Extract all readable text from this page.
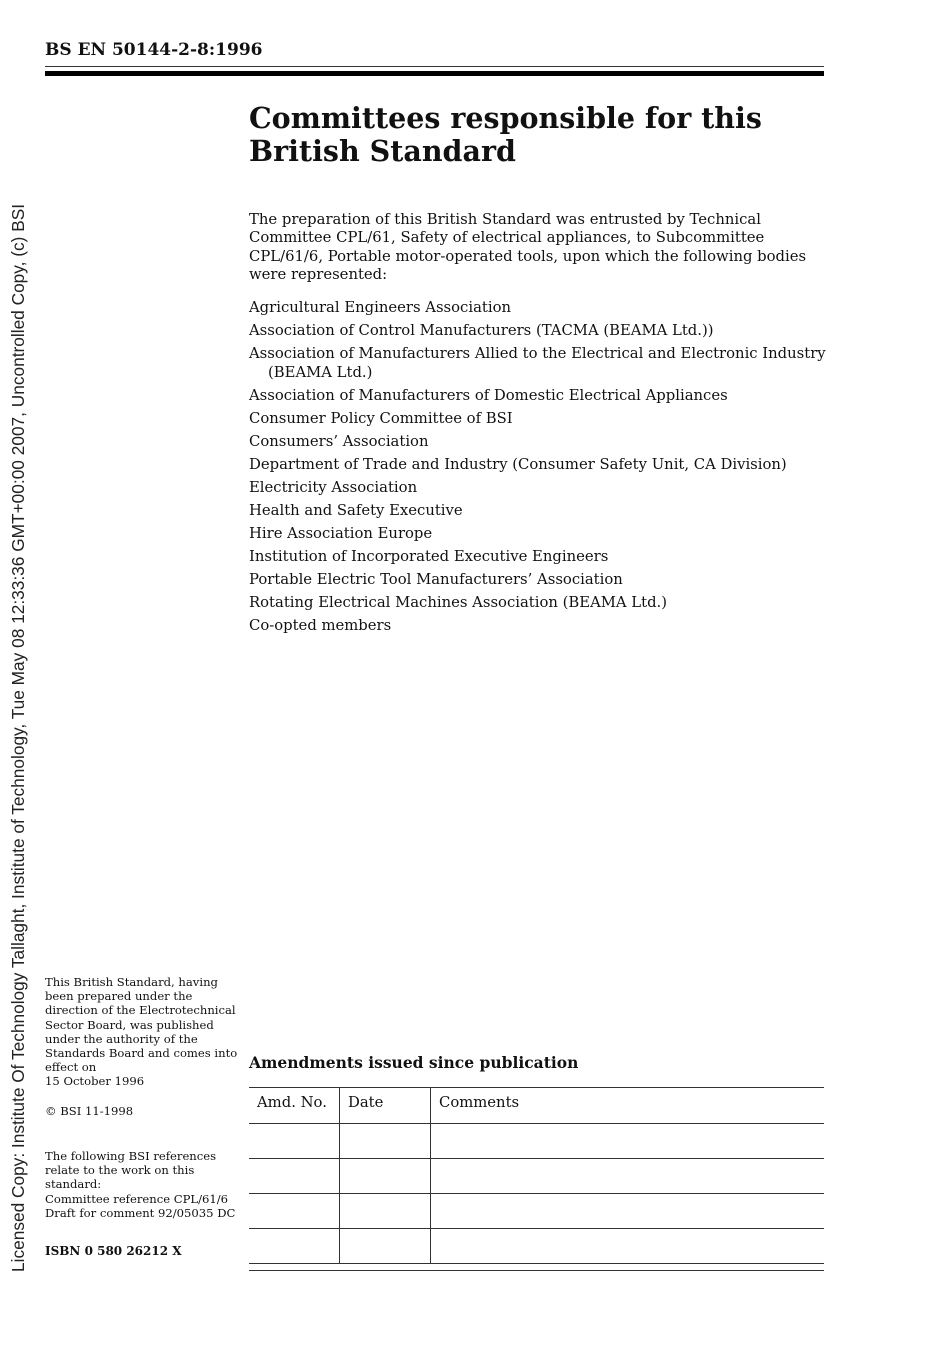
Licensed Copy: Institute Of Technology Tallaght, Institute of Technology, Tue May 08 12:33:36 GMT+00:00 2007, Uncontrolled Copy, (c) BSI
BS EN 50144-2-8:1996
Committees responsible for this
British Standard

The preparation of this British Standard was entrusted by Technical Committee CPL/61, Safety of electrical appliances, to Subcommittee CPL/61/6, Portable motor-operated tools, upon which the following bodies were represented:

Agricultural Engineers Association
Association of Control Manufacturers (TACMA (BEAMA Ltd.))
Association of Manufacturers Allied to the Electrical and Electronic Industry (BEAMA Ltd.)
Association of Manufacturers of Domestic Electrical Appliances
Consumer Policy Committee of BSI
Consumers’ Association
Department of Trade and Industry (Consumer Safety Unit, CA Division)
Electricity Association
Health and Safety Executive
Hire Association Europe
Institution of Incorporated Executive Engineers
Portable Electric Tool Manufacturers’ Association
Rotating Electrical Machines Association (BEAMA Ltd.)
Co-opted members

This British Standard, having been prepared under the direction of the Electrotechnical Sector Board, was published under the authority of the Standards Board and comes into effect on
15 October 1996

© BSI 11-1998

The following BSI references relate to the work on this standard:
Committee reference CPL/61/6
Draft for comment 92/05035 DC

ISBN 0 580 26212 X

Amendments issued since publication
Amd. No.	Date	Comments
